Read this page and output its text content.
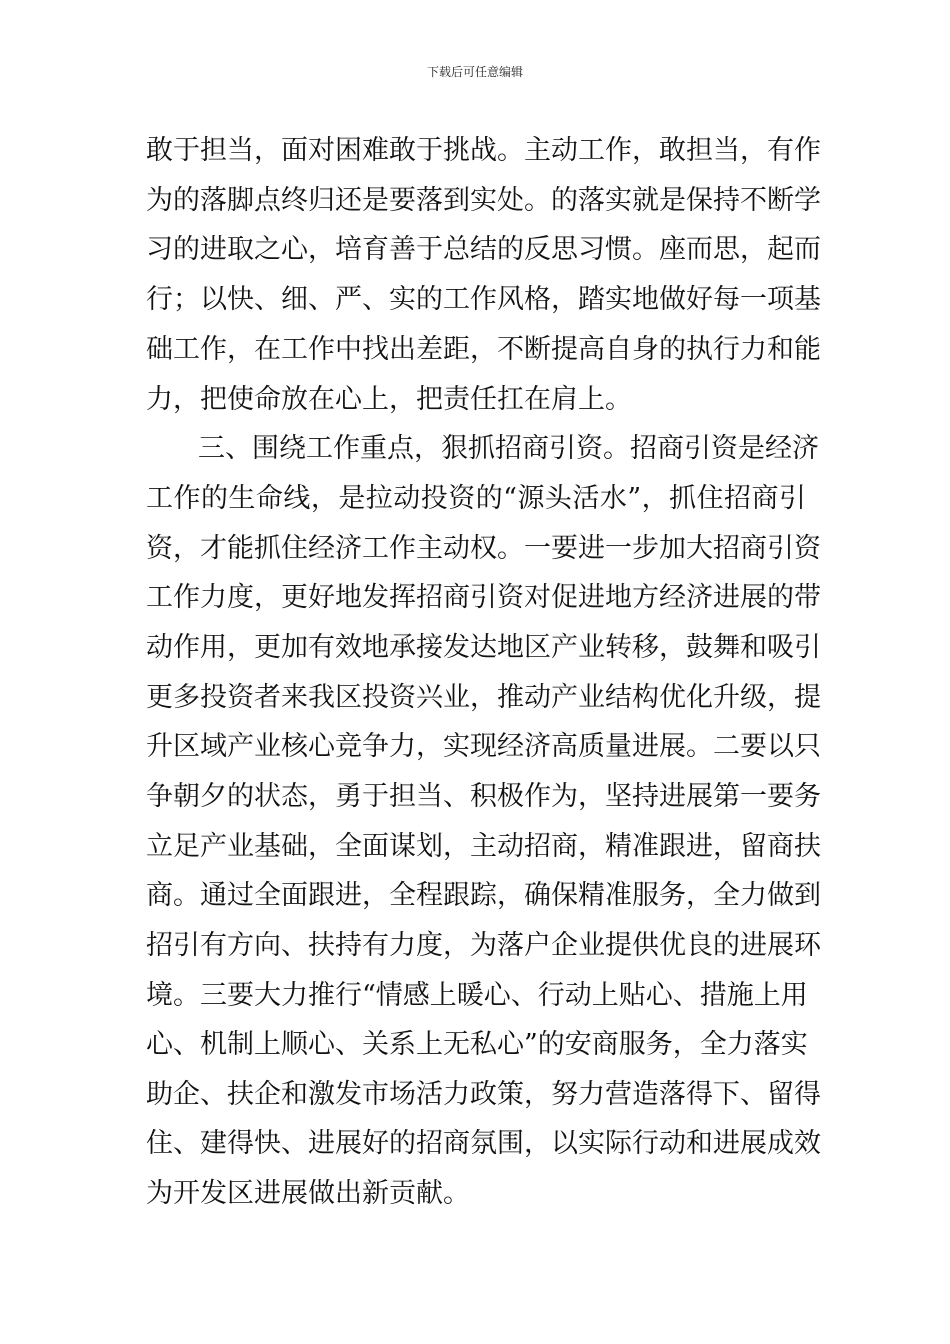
下载后可任意编辑
敢于担当，面对困难敢于挑战。主动工作，敢担当，有作
为的落脚点终归还是要落到实处。的落实就是保持不断学
习的进取之心，培育善于总结的反思习惯。座而思，起而
行；以快、细、严、实的工作风格，踏实地做好每一项基
础工作，在工作中找出差距，不断提高自身的执行力和能
力，把使命放在心上，把责任扛在肩上。
三、围绕工作重点，狠抓招商引资。招商引资是经济
工作的生命线，是拉动投资的“源头活水”，抓住招商引
资，才能抓住经济工作主动权。一要进一步加大招商引资
工作力度，更好地发挥招商引资对促进地方经济进展的带
动作用，更加有效地承接发达地区产业转移，鼓舞和吸引
更多投资者来我区投资兴业，推动产业结构优化升级，提
升区域产业核心竞争力，实现经济高质量进展。二要以只
争朝夕的状态，勇于担当、积极作为，坚持进展第一要务
立足产业基础，全面谋划，主动招商，精准跟进，留商扶
商。通过全面跟进，全程跟踪，确保精准服务，全力做到
招引有方向、扶持有力度，为落户企业提供优良的进展环
境。三要大力推行“情感上暖心、行动上贴心、措施上用
心、机制上顺心、关系上无私心”的安商服务，全力落实
助企、扶企和激发市场活力政策，努力营造落得下、留得
住、建得快、进展好的招商氛围，以实际行动和进展成效
为开发区进展做出新贡献。
